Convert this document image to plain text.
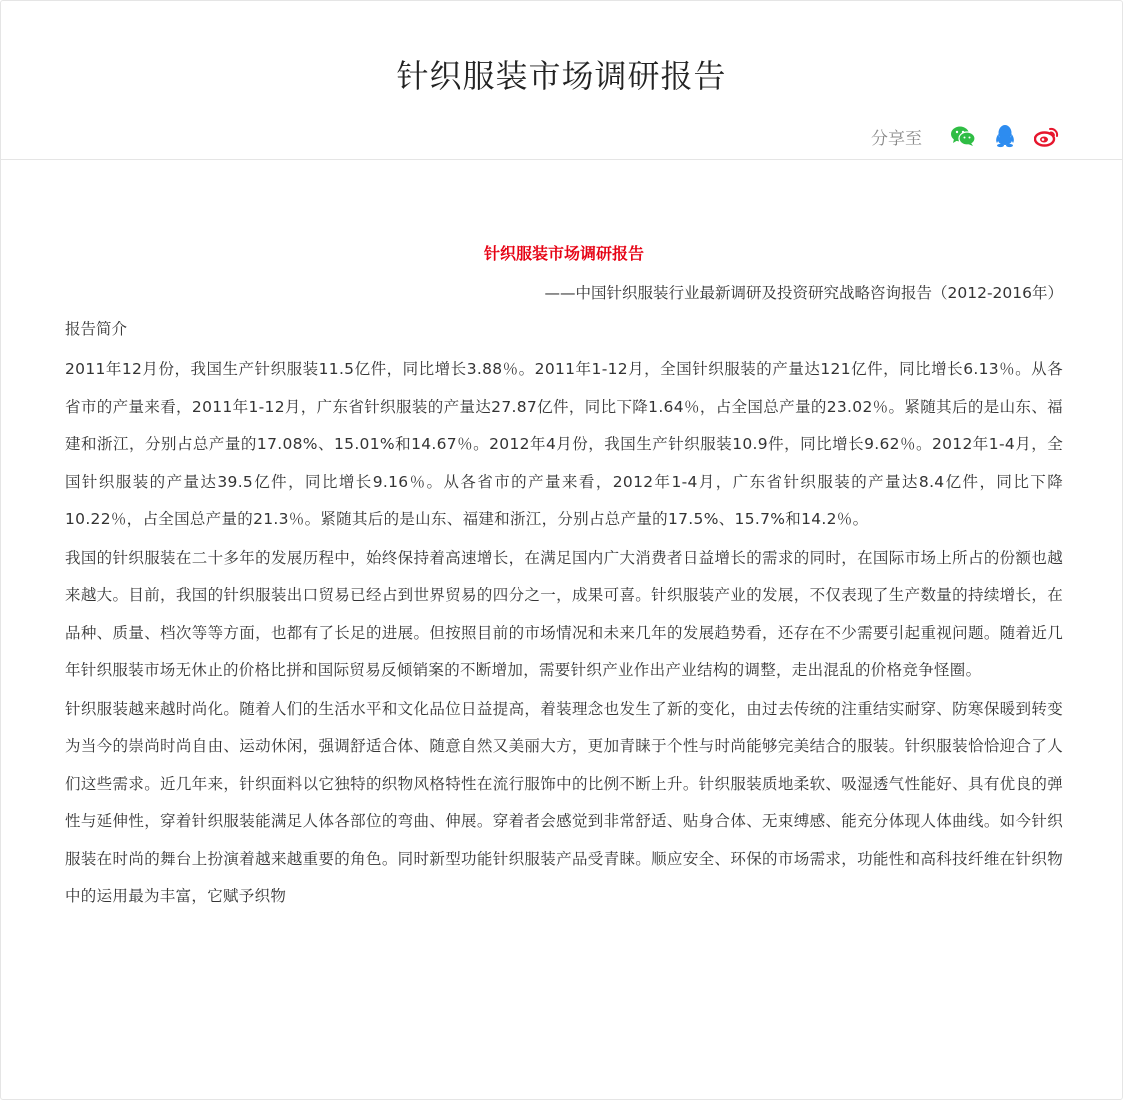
针织服装市场调研报告
分享至
针织服装市场调研报告
——中国针织服装行业最新调研及投资研究战略咨询报告（2012-2016年）
报告简介

2011年12月份，我国生产针织服装11.5亿件，同比增长3.88％。2011年1-12月，全国针织服装的产量达121亿件，同比增长6.13％。从各省市的产量来看，2011年1-12月，广东省针织服装的产量达27.87亿件，同比下降1.64％，占全国总产量的23.02％。紧随其后的是山东、福建和浙江，分别占总产量的17.08%、15.01%和14.67％。2012年4月份，我国生产针织服装10.9件，同比增长9.62％。2012年1-4月，全国针织服装的产量达39.5亿件，同比增长9.16％。从各省市的产量来看，2012年1-4月，广东省针织服装的产量达8.4亿件，同比下降10.22％，占全国总产量的21.3％。紧随其后的是山东、福建和浙江，分别占总产量的17.5%、15.7%和14.2％。

我国的针织服装在二十多年的发展历程中，始终保持着高速增长，在满足国内广大消费者日益增长的需求的同时，在国际市场上所占的份额也越来越大。目前，我国的针织服装出口贸易已经占到世界贸易的四分之一，成果可喜。针织服装产业的发展，不仅表现了生产数量的持续增长，在品种、质量、档次等等方面，也都有了长足的进展。但按照目前的市场情况和未来几年的发展趋势看，还存在不少需要引起重视问题。随着近几年针织服装市场无休止的价格比拼和国际贸易反倾销案的不断增加，需要针织产业作出产业结构的调整，走出混乱的价格竞争怪圈。

针织服装越来越时尚化。随着人们的生活水平和文化品位日益提高，着装理念也发生了新的变化，由过去传统的注重结实耐穿、防寒保暖到转变为当今的崇尚时尚自由、运动休闲，强调舒适合体、随意自然又美丽大方，更加青睐于个性与时尚能够完美结合的服装。针织服装恰恰迎合了人们这些需求。近几年来，针织面料以它独特的织物风格特性在流行服饰中的比例不断上升。针织服装质地柔软、吸湿透气性能好、具有优良的弹性与延伸性，穿着针织服装能满足人体各部位的弯曲、伸展。穿着者会感觉到非常舒适、贴身合体、无束缚感、能充分体现人体曲线。如今针织服装在时尚的舞台上扮演着越来越重要的角色。同时新型功能针织服装产品受青睐。顺应安全、环保的市场需求，功能性和高科技纤维在针织物中的运用最为丰富，它赋予织物
